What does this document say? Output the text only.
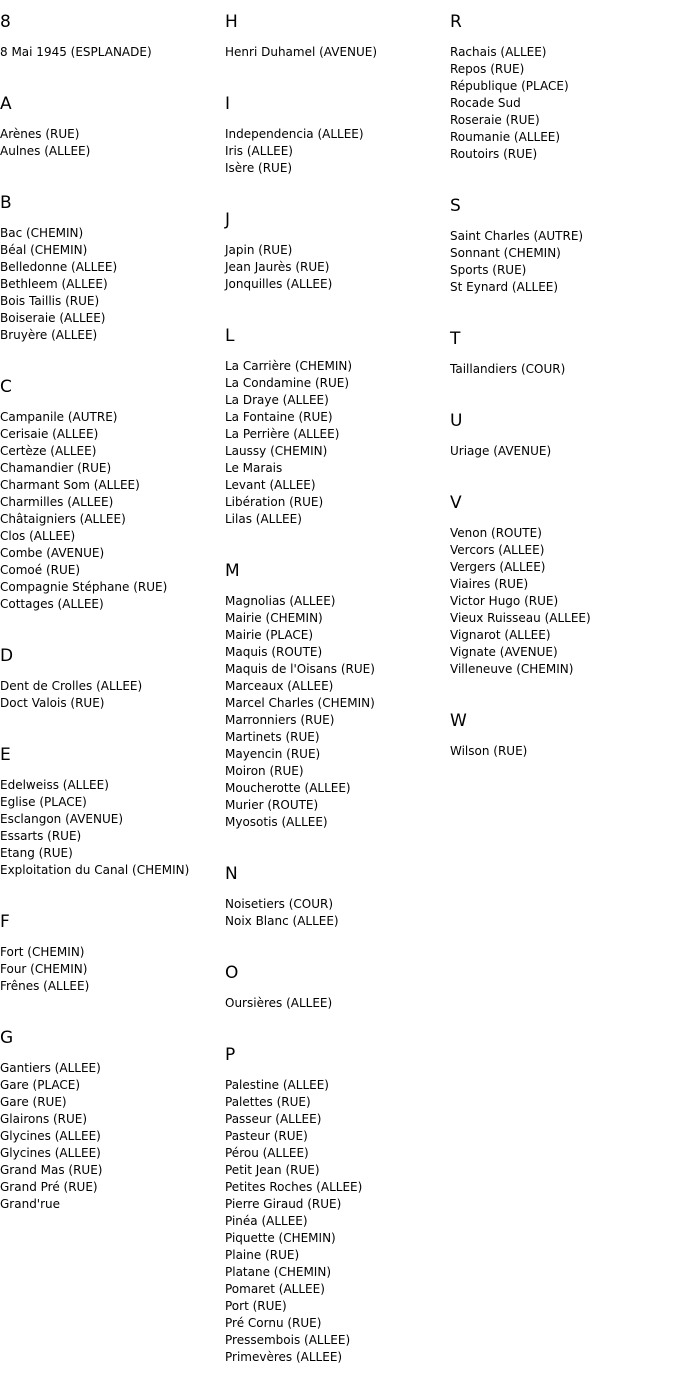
8
8 Mai 1945 (ESPLANADE)
A
Arènes (RUE)
Aulnes (ALLEE)
B
Bac (CHEMIN)
Béal (CHEMIN)
Belledonne (ALLEE)
Bethleem (ALLEE)
Bois Taillis (RUE)
Boiseraie (ALLEE)
Bruyère (ALLEE)
C
Campanile (AUTRE)
Cerisaie (ALLEE)
Certèze (ALLEE)
Chamandier (RUE)
Charmant Som (ALLEE)
Charmilles (ALLEE)
Châtaigniers (ALLEE)
Clos (ALLEE)
Combe (AVENUE)
Comoé (RUE)
Compagnie Stéphane (RUE)
Cottages (ALLEE)
D
Dent de Crolles (ALLEE)
Doct Valois (RUE)
E
Edelweiss (ALLEE)
Eglise (PLACE)
Esclangon (AVENUE)
Essarts (RUE)
Etang (RUE)
Exploitation du Canal (CHEMIN)
F
Fort (CHEMIN)
Four (CHEMIN)
Frênes (ALLEE)
G
Gantiers (ALLEE)
Gare (PLACE)
Gare (RUE)
Glairons (RUE)
Glycines (ALLEE)
Glycines (ALLEE)
Grand Mas (RUE)
Grand Pré (RUE)
Grand'rue
H
Henri Duhamel (AVENUE)
I
Independencia (ALLEE)
Iris (ALLEE)
Isère (RUE)
J
Japin (RUE)
Jean Jaurès (RUE)
Jonquilles (ALLEE)
L
La Carrière (CHEMIN)
La Condamine (RUE)
La Draye (ALLEE)
La Fontaine (RUE)
La Perrière (ALLEE)
Laussy (CHEMIN)
Le Marais
Levant (ALLEE)
Libération (RUE)
Lilas (ALLEE)
M
Magnolias (ALLEE)
Mairie (CHEMIN)
Mairie (PLACE)
Maquis (ROUTE)
Maquis de l'Oisans (RUE)
Marceaux (ALLEE)
Marcel Charles (CHEMIN)
Marronniers (RUE)
Martinets (RUE)
Mayencin (RUE)
Moiron (RUE)
Moucherotte (ALLEE)
Murier (ROUTE)
Myosotis (ALLEE)
N
Noisetiers (COUR)
Noix Blanc (ALLEE)
O
Oursières (ALLEE)
P
Palestine (ALLEE)
Palettes (RUE)
Passeur (ALLEE)
Pasteur (RUE)
Pérou (ALLEE)
Petit Jean (RUE)
Petites Roches (ALLEE)
Pierre Giraud (RUE)
Pinéa (ALLEE)
Piquette (CHEMIN)
Plaine (RUE)
Platane (CHEMIN)
Pomaret (ALLEE)
Port (RUE)
Pré Cornu (RUE)
Pressembois (ALLEE)
Primevères (ALLEE)
R
Rachais (ALLEE)
Repos (RUE)
République (PLACE)
Rocade Sud
Roseraie (RUE)
Roumanie (ALLEE)
Routoirs (RUE)
S
Saint Charles (AUTRE)
Sonnant (CHEMIN)
Sports (RUE)
St Eynard (ALLEE)
T
Taillandiers (COUR)
U
Uriage (AVENUE)
V
Venon (ROUTE)
Vercors (ALLEE)
Vergers (ALLEE)
Viaires (RUE)
Victor Hugo (RUE)
Vieux Ruisseau (ALLEE)
Vignarot (ALLEE)
Vignate (AVENUE)
Villeneuve (CHEMIN)
W
Wilson (RUE)
